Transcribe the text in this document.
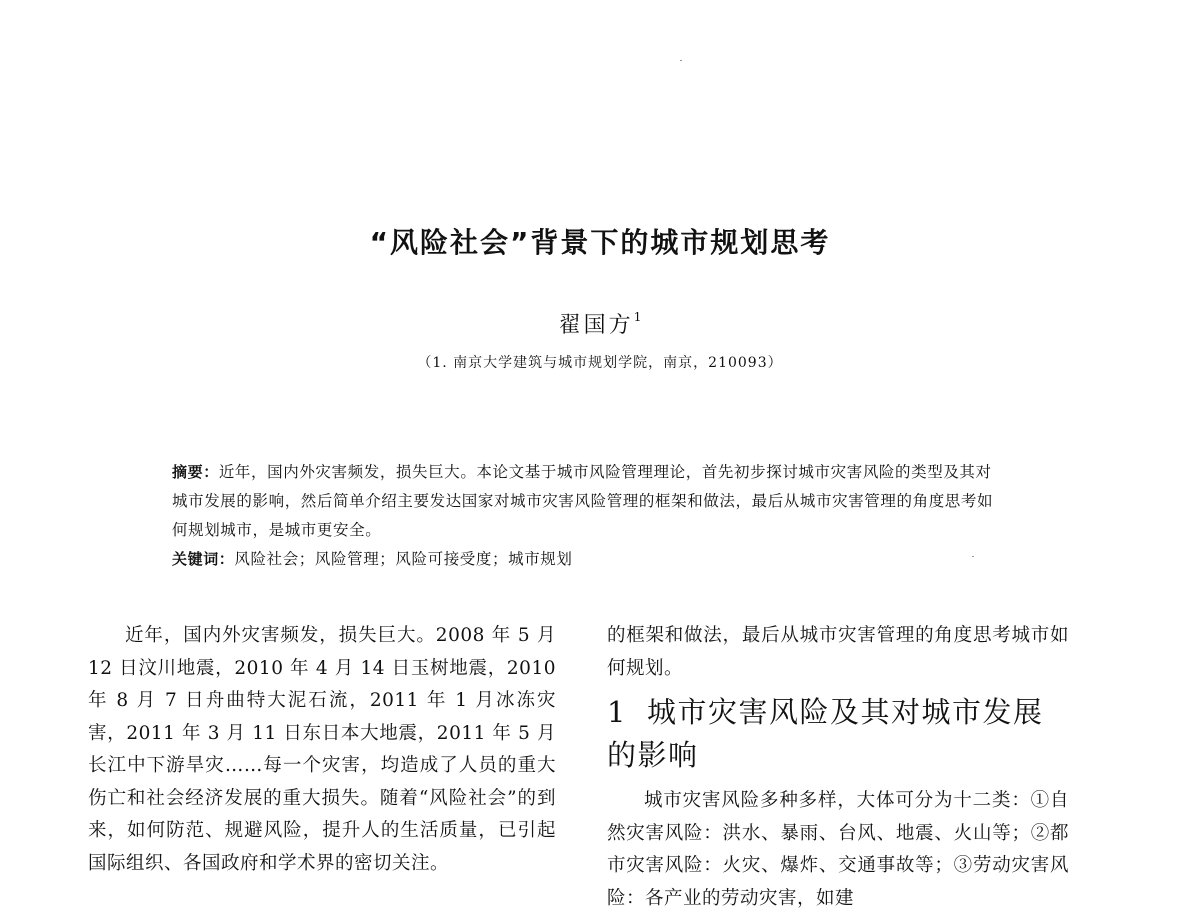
“风险社会”背景下的城市规划思考
翟国方$^1$
（1. 南京大学建筑与城市规划学院，南京，210093）

摘要：近年，国内外灾害频发，损失巨大。本论文基于城市风险管理理论，首先初步探讨城市灾害风险的类型及其对城市发展的影响，然后简单介绍主要发达国家对城市灾害风险管理的框架和做法，最后从城市灾害管理的角度思考如何规划城市，是城市更安全。

关键词：风险社会；风险管理；风险可接受度；城市规划

近年，国内外灾害频发，损失巨大。2008 年 5 月 12 日汶川地震，2010 年 4 月 14 日玉树地震，2010 年 8 月 7 日舟曲特大泥石流，2011 年 1 月冰冻灾害，2011 年 3 月 11 日东日本大地震，2011 年 5 月长江中下游旱灾……每一个灾害，均造成了人员的重大伤亡和社会经济发展的重大损失。随着“风险社会”的到来，如何防范、规避风险，提升人的生活质量，已引起国际组织、各国政府和学术界的密切关注。

的框架和做法，最后从城市灾害管理的角度思考城市如何规划。

1 城市灾害风险及其对城市发展的影响

城市灾害风险多种多样，大体可分为十二类：①自然灾害风险：洪水、暴雨、台风、地震、火山等；②都市灾害风险：火灾、爆炸、交通事故等；③劳动灾害风险：各产业的劳动灾害，如建
